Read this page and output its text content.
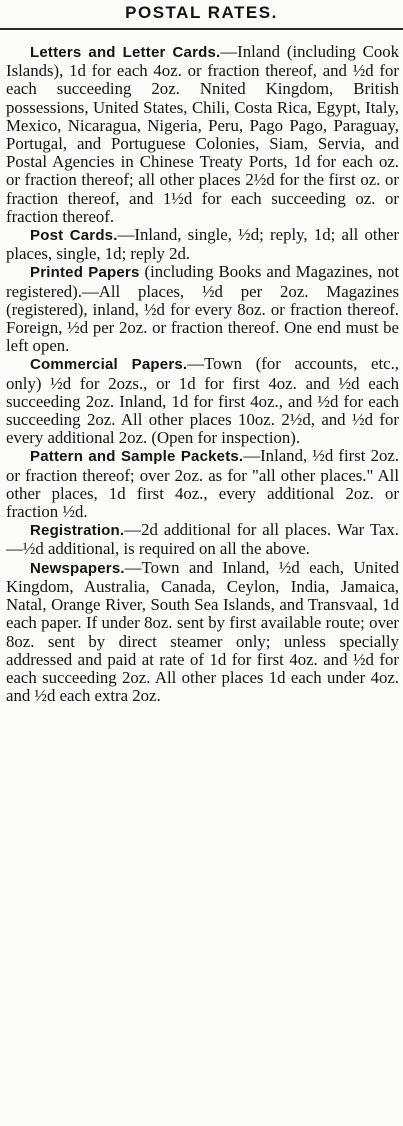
POSTAL RATES.

Letters and Letter Cards.—Inland (including Cook Islands), 1d for each 4oz. or fraction thereof, and ½d for each succeeding 2oz. Nnited Kingdom, British possessions, United States, Chili, Costa Rica, Egypt, Italy, Mexico, Nicaragua, Nigeria, Peru, Pago Pago, Paraguay, Portugal, and Portuguese Colonies, Siam, Servia, and Postal Agencies in Chinese Treaty Ports, 1d for each oz. or fraction thereof; all other places 2½d for the first oz. or fraction thereof, and 1½d for each succeeding oz. or fraction thereof.

Post Cards.—Inland, single, ½d; reply, 1d; all other places, single, 1d; reply 2d.

Printed Papers (including Books and Magazines, not registered).—All places, ½d per 2oz. Magazines (registered), inland, ½d for every 8oz. or fraction thereof. Foreign, ½d per 2oz. or fraction thereof. One end must be left open.

Commercial Papers.—Town (for accounts, etc., only) ½d for 2ozs., or 1d for first 4oz. and ½d each succeeding 2oz. Inland, 1d for first 4oz., and ½d for each succeeding 2oz. All other places 10oz. 2½d, and ½d for every additional 2oz. (Open for inspection).

Pattern and Sample Packets.—Inland, ½d first 2oz. or fraction thereof; over 2oz. as for "all other places." All other places, 1d first 4oz., every additional 2oz. or fraction ½d.

Registration.—2d additional for all places. War Tax.—½d additional, is required on all the above.

Newspapers.—Town and Inland, ½d each, United Kingdom, Australia, Canada, Ceylon, India, Jamaica, Natal, Orange River, South Sea Islands, and Transvaal, 1d each paper. If under 8oz. sent by first available route; over 8oz. sent by direct steamer only; unless specially addressed and paid at rate of 1d for first 4oz. and ½d for each succeeding 2oz. All other places 1d each under 4oz. and ½d each extra 2oz.
